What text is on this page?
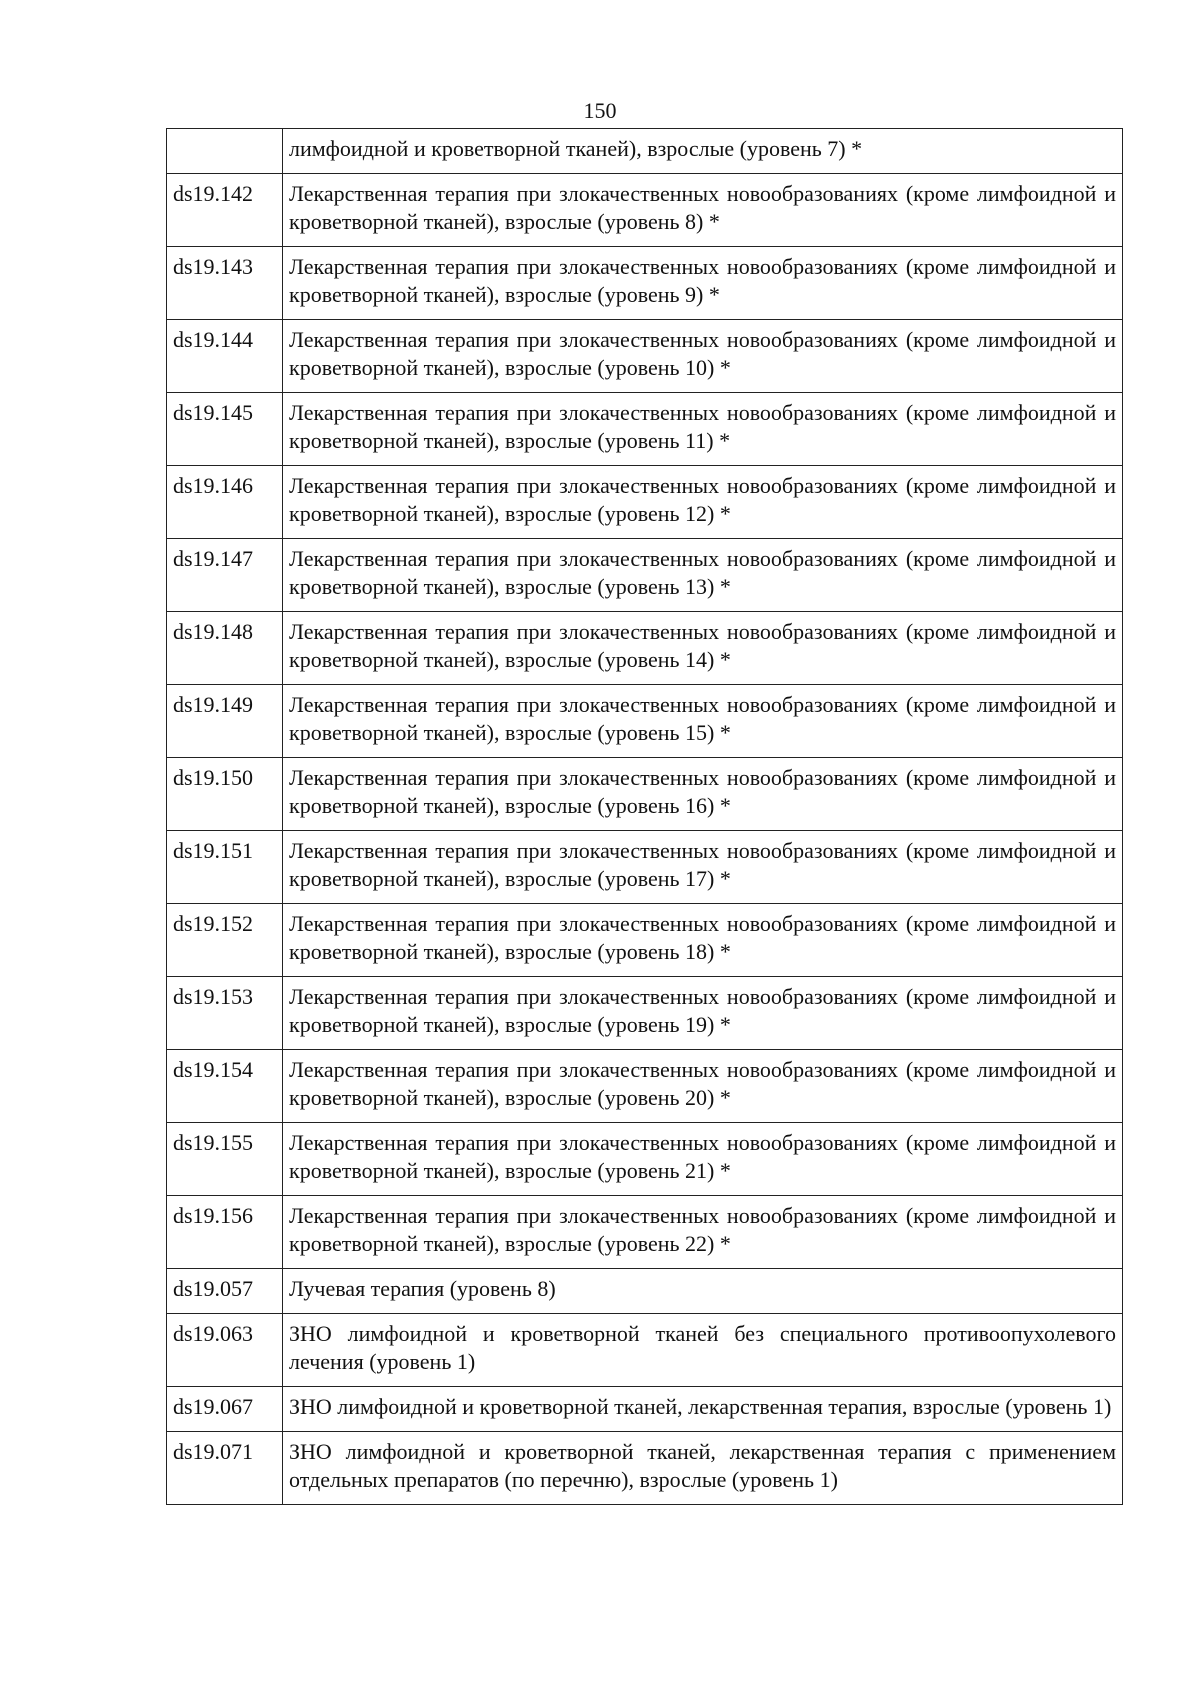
150
	лимфоидной и кроветворной тканей), взрослые (уровень 7) *
ds19.142	Лекарственная терапия при злокачественных новообразованиях (кроме лимфоидной и кроветворной тканей), взрослые (уровень 8) *
ds19.143	Лекарственная терапия при злокачественных новообразованиях (кроме лимфоидной и кроветворной тканей), взрослые (уровень 9) *
ds19.144	Лекарственная терапия при злокачественных новообразованиях (кроме лимфоидной и кроветворной тканей), взрослые (уровень 10) *
ds19.145	Лекарственная терапия при злокачественных новообразованиях (кроме лимфоидной и кроветворной тканей), взрослые (уровень 11) *
ds19.146	Лекарственная терапия при злокачественных новообразованиях (кроме лимфоидной и кроветворной тканей), взрослые (уровень 12) *
ds19.147	Лекарственная терапия при злокачественных новообразованиях (кроме лимфоидной и кроветворной тканей), взрослые (уровень 13) *
ds19.148	Лекарственная терапия при злокачественных новообразованиях (кроме лимфоидной и кроветворной тканей), взрослые (уровень 14) *
ds19.149	Лекарственная терапия при злокачественных новообразованиях (кроме лимфоидной и кроветворной тканей), взрослые (уровень 15) *
ds19.150	Лекарственная терапия при злокачественных новообразованиях (кроме лимфоидной и кроветворной тканей), взрослые (уровень 16) *
ds19.151	Лекарственная терапия при злокачественных новообразованиях (кроме лимфоидной и кроветворной тканей), взрослые (уровень 17) *
ds19.152	Лекарственная терапия при злокачественных новообразованиях (кроме лимфоидной и кроветворной тканей), взрослые (уровень 18) *
ds19.153	Лекарственная терапия при злокачественных новообразованиях (кроме лимфоидной и кроветворной тканей), взрослые (уровень 19) *
ds19.154	Лекарственная терапия при злокачественных новообразованиях (кроме лимфоидной и кроветворной тканей), взрослые (уровень 20) *
ds19.155	Лекарственная терапия при злокачественных новообразованиях (кроме лимфоидной и кроветворной тканей), взрослые (уровень 21) *
ds19.156	Лекарственная терапия при злокачественных новообразованиях (кроме лимфоидной и кроветворной тканей), взрослые (уровень 22) *
ds19.057	Лучевая терапия (уровень 8)
ds19.063	ЗНО лимфоидной и кроветворной тканей без специального противоопухолевого лечения (уровень 1)
ds19.067	ЗНО лимфоидной и кроветворной тканей, лекарственная терапия, взрослые (уровень 1)
ds19.071	ЗНО лимфоидной и кроветворной тканей, лекарственная терапия с применением отдельных препаратов (по перечню), взрослые (уровень 1)
